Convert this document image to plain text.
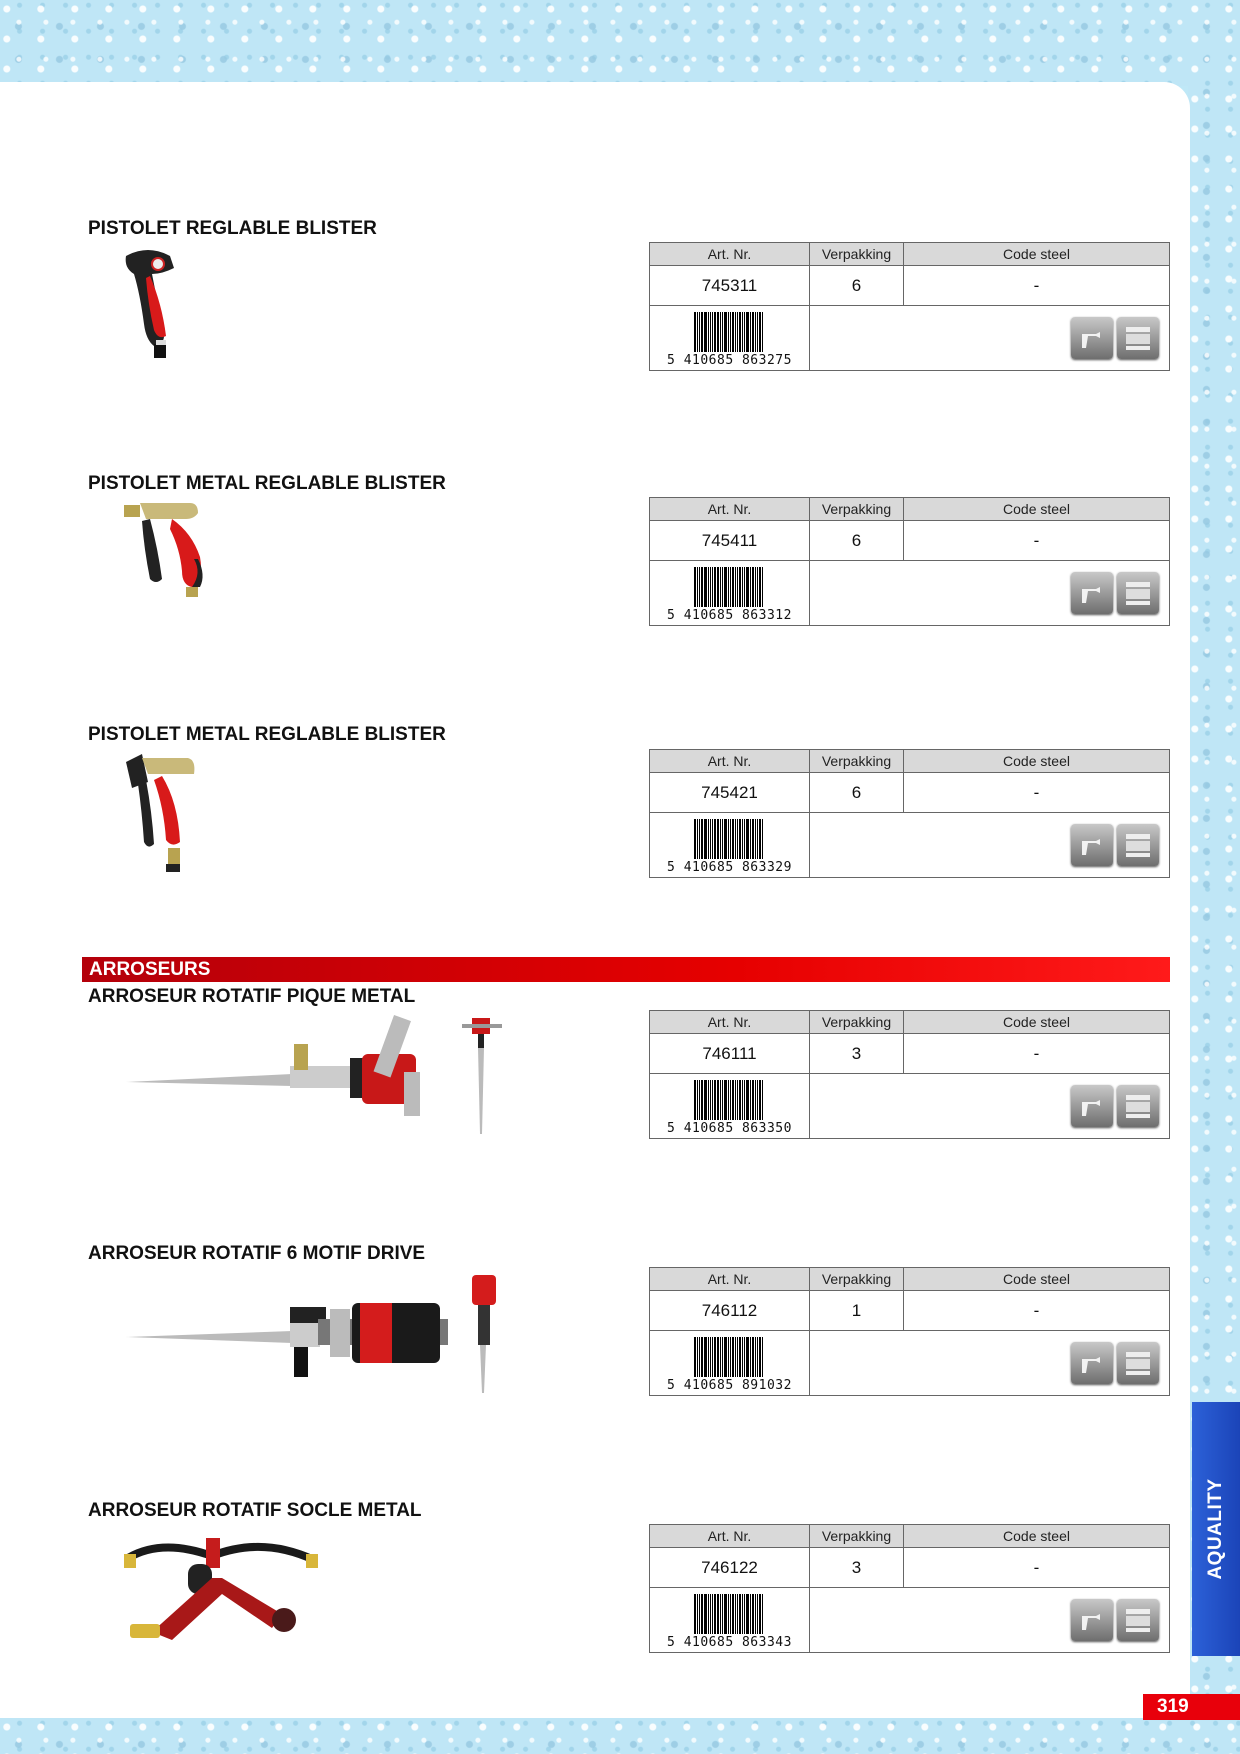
PISTOLET REGLABLE BLISTER
Art. Nr.	Verpakking	Code steel
745311	6	-

5 410685 863275

PISTOLET METAL REGLABLE BLISTER
Art. Nr.	Verpakking	Code steel
745411	6	-

5 410685 863312

PISTOLET METAL REGLABLE BLISTER
Art. Nr.	Verpakking	Code steel
745421	6	-

5 410685 863329

ARROSEURS
ARROSEUR ROTATIF PIQUE METAL
Art. Nr.	Verpakking	Code steel
746111	3	-

5 410685 863350

ARROSEUR ROTATIF 6 MOTIF DRIVE
Art. Nr.	Verpakking	Code steel
746112	1	-

5 410685 891032

ARROSEUR ROTATIF SOCLE METAL
Art. Nr.	Verpakking	Code steel
746122	3	-

5 410685 863343

AQUALITY
319
